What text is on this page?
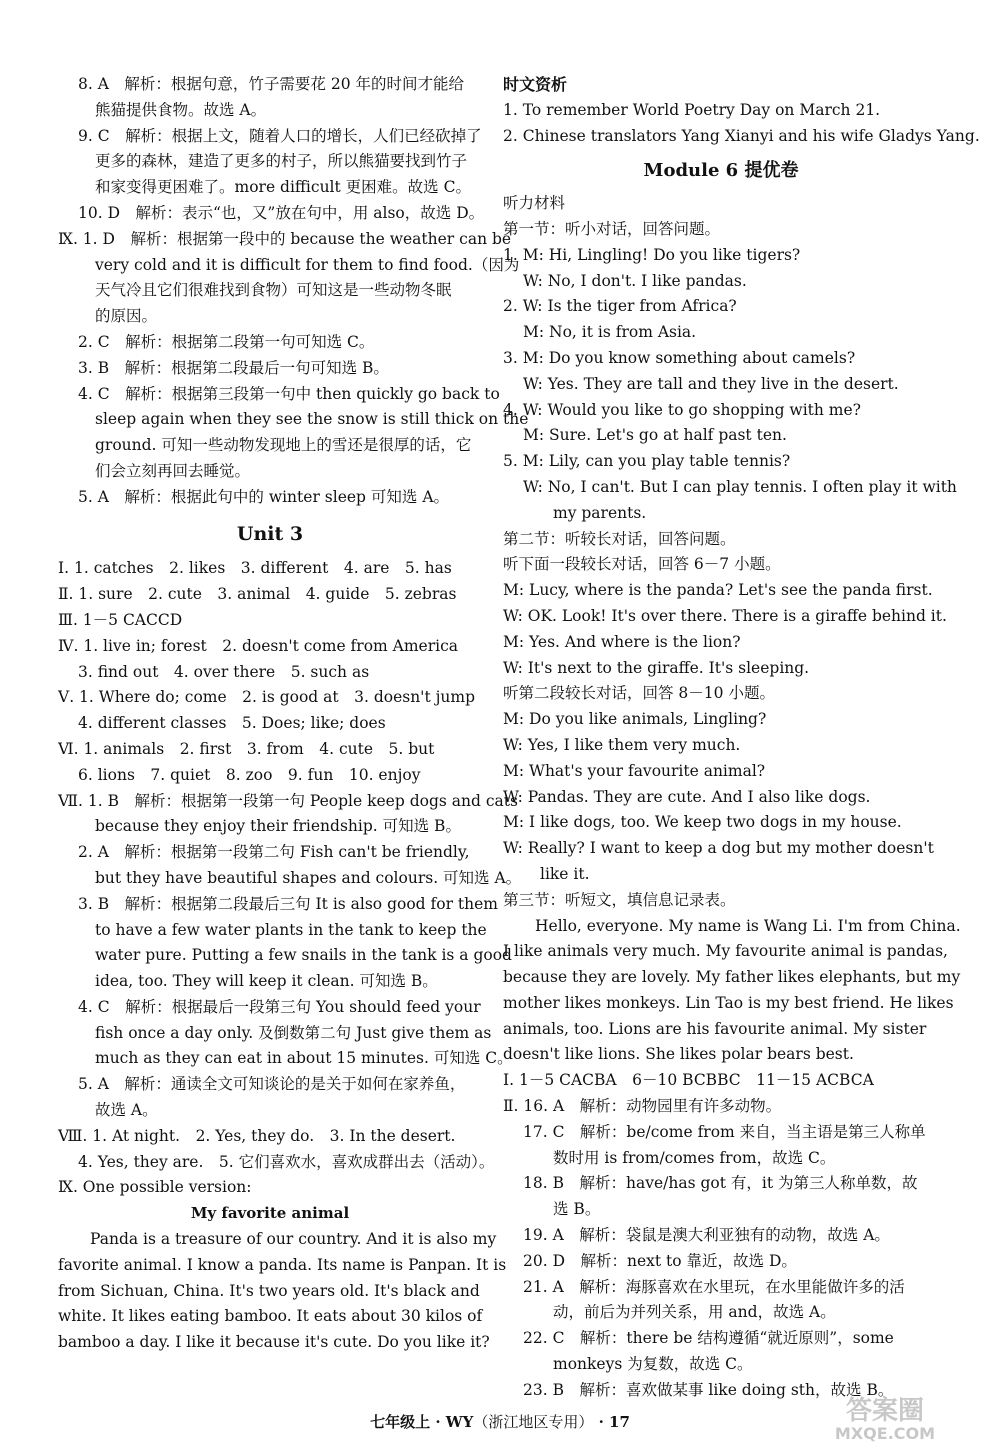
8. A　解析：根据句意，竹子需要花 20 年的时间才能给
熊猫提供食物。故选 A。
9. C　解析：根据上文，随着人口的增长，人们已经砍掉了
更多的森林，建造了更多的村子，所以熊猫要找到竹子
和家变得更困难了。more difficult 更困难。故选 C。
10. D　解析：表示“也，又”放在句中，用 also，故选 D。
Ⅸ. 1. D　解析：根据第一段中的 because the weather can be
very cold and it is difficult for them to find food.（因为
天气冷且它们很难找到食物）可知这是一些动物冬眠
的原因。
2. C　解析：根据第二段第一句可知选 C。
3. B　解析：根据第二段最后一句可知选 B。
4. C　解析：根据第三段第一句中 then quickly go back to
sleep again when they see the snow is still thick on the
ground. 可知一些动物发现地上的雪还是很厚的话，它
们会立刻再回去睡觉。
5. A　解析：根据此句中的 winter sleep 可知选 A。
Unit 3
Ⅰ. 1. catches　2. likes　3. different　4. are　5. has
Ⅱ. 1. sure　2. cute　3. animal　4. guide　5. zebras
Ⅲ. 1－5 CACCD
Ⅳ. 1. live in; forest　2. doesn't come from America
3. find out　4. over there　5. such as
Ⅴ. 1. Where do; come　2. is good at　3. doesn't jump
4. different classes　5. Does; like; does
Ⅵ. 1. animals　2. first　3. from　4. cute　5. but
6. lions　7. quiet　8. zoo　9. fun　10. enjoy
Ⅶ. 1. B　解析：根据第一段第一句 People keep dogs and cats
because they enjoy their friendship. 可知选 B。
2. A　解析：根据第一段第二句 Fish can't be friendly,
but they have beautiful shapes and colours. 可知选 A。
3. B　解析：根据第二段最后三句 It is also good for them
to have a few water plants in the tank to keep the
water pure. Putting a few snails in the tank is a good
idea, too. They will keep it clean. 可知选 B。
4. C　解析：根据最后一段第三句 You should feed your
fish once a day only. 及倒数第二句 Just give them as
much as they can eat in about 15 minutes. 可知选 C。
5. A　解析：通读全文可知谈论的是关于如何在家养鱼，
故选 A。
Ⅷ. 1. At night.　2. Yes, they do.　3. In the desert.
4. Yes, they are.　5. 它们喜欢水，喜欢成群出去（活动）。
Ⅸ. One possible version:
My favorite animal
Panda is a treasure of our country. And it is also my
favorite animal. I know a panda. Its name is Panpan. It is
from Sichuan, China. It's two years old. It's black and
white. It likes eating bamboo. It eats about 30 kilos of
bamboo a day. I like it because it's cute. Do you like it?
时文资析
1. To remember World Poetry Day on March 21.
2. Chinese translators Yang Xianyi and his wife Gladys Yang.
Module 6 提优卷
听力材料
第一节：听小对话，回答问题。
1. M: Hi, Lingling! Do you like tigers?
W: No, I don't. I like pandas.
2. W: Is the tiger from Africa?
M: No, it is from Asia.
3. M: Do you know something about camels?
W: Yes. They are tall and they live in the desert.
4. W: Would you like to go shopping with me?
M: Sure. Let's go at half past ten.
5. M: Lily, can you play table tennis?
W: No, I can't. But I can play tennis. I often play it with
my parents.
第二节：听较长对话，回答问题。
听下面一段较长对话，回答 6－7 小题。
M: Lucy, where is the panda? Let's see the panda first.
W: OK. Look! It's over there. There is a giraffe behind it.
M: Yes. And where is the lion?
W: It's next to the giraffe. It's sleeping.
听第二段较长对话，回答 8－10 小题。
M: Do you like animals, Lingling?
W: Yes, I like them very much.
M: What's your favourite animal?
W: Pandas. They are cute. And I also like dogs.
M: I like dogs, too. We keep two dogs in my house.
W: Really? I want to keep a dog but my mother doesn't
like it.
第三节：听短文，填信息记录表。
Hello, everyone. My name is Wang Li. I'm from China.
I like animals very much. My favourite animal is pandas,
because they are lovely. My father likes elephants, but my
mother likes monkeys. Lin Tao is my best friend. He likes
animals, too. Lions are his favourite animal. My sister
doesn't like lions. She likes polar bears best.
Ⅰ. 1－5 CACBA　6－10 BCBBC　11－15 ACBCA
Ⅱ. 16. A　解析：动物园里有许多动物。
17. C　解析：be/come from 来自，当主语是第三人称单
数时用 is from/comes from，故选 C。
18. B　解析：have/has got 有，it 为第三人称单数，故
选 B。
19. A　解析：袋鼠是澳大利亚独有的动物，故选 A。
20. D　解析：next to 靠近，故选 D。
21. A　解析：海豚喜欢在水里玩，在水里能做许多的活
动，前后为并列关系，用 and，故选 A。
22. C　解析：there be 结构遵循“就近原则”，some
monkeys 为复数，故选 C。
23. B　解析：喜欢做某事 like doing sth，故选 B。
七年级上 · WY（浙江地区专用） · 17	答案圈
MXQE.COM
